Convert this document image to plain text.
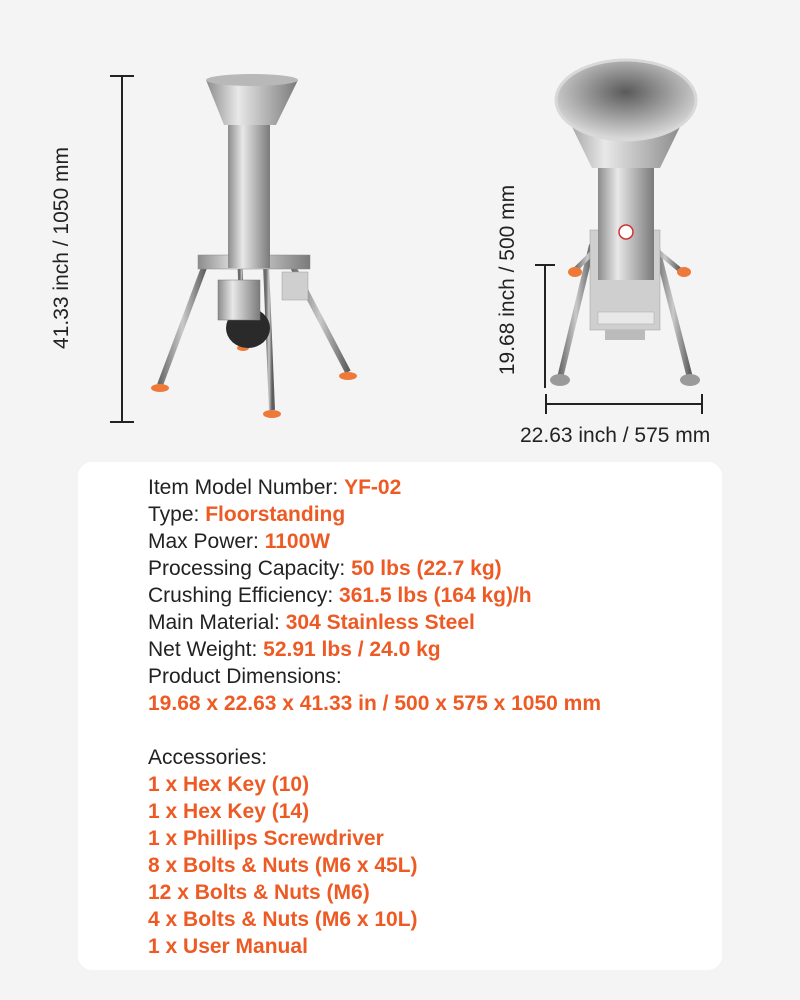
41.33 inch / 1050 mm	19.68 inch / 500 mm
22.63 inch / 575 mm
Item Model Number: YF-02
Type: Floorstanding
Max Power: 1100W
Processing Capacity: 50 lbs (22.7 kg)
Crushing Efficiency: 361.5 lbs (164 kg)/h
Main Material: 304 Stainless Steel
Net Weight: 52.91 lbs / 24.0 kg
Product Dimensions:
19.68 x 22.63 x 41.33 in / 500 x 575 x 1050 mm
Accessories:
1 x Hex Key (10)
1 x Hex Key (14)
1 x Phillips Screwdriver
8 x Bolts & Nuts (M6 x 45L)
12 x Bolts & Nuts (M6)
4 x Bolts & Nuts (M6 x 10L)
1 x User Manual
